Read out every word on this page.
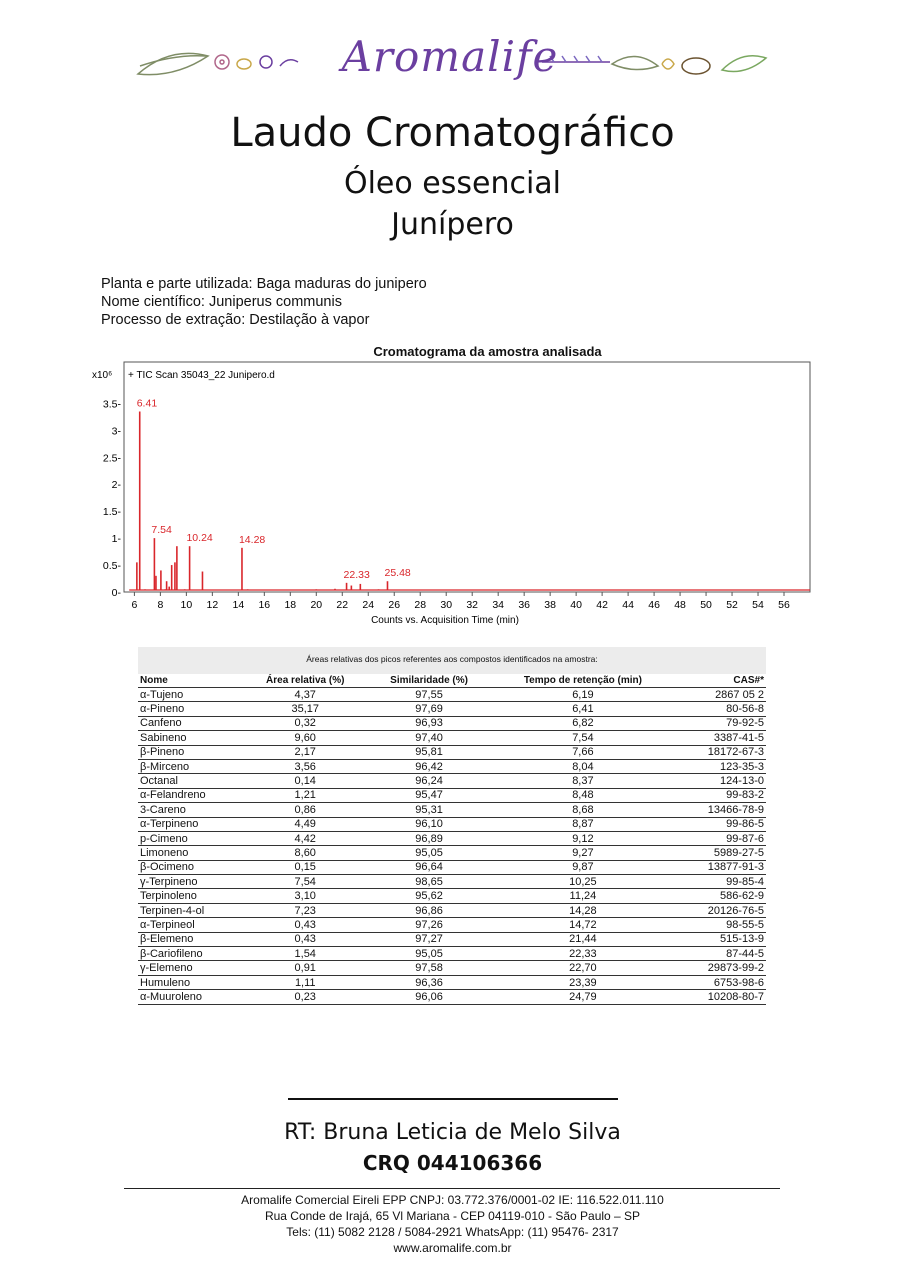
Aromalife
Laudo Cromatográfico
Óleo essencial
Junípero
Planta e parte utilizada: Baga maduras do junipero
Nome científico: Juniperus communis
Processo de extração: Destilação à vapor
Cromatograma da amostra analisada
x10⁶ + TIC Scan 35043_22 Junipero.d
0-
0.5-
1-
1.5-
2-
2.5-
3-
3.5-
6 8 10 12 14 16 18 20 22 24 26 28 30 32 34 36 38 40 42 44 46 48 50 52 54 56
Counts vs. Acquisition Time (min)
6.41
7.54
10.24 14.28
22.33 25.48
Áreas relativas dos picos referentes aos compostos identificados na amostra:
Nome	Área relativa (%)	Similaridade (%)	Tempo de retenção (min)	CAS#*
α-Tujeno	4,37	97,55	6,19	2867 05 2
α-Pineno	35,17	97,69	6,41	80-56-8
Canfeno	0,32	96,93	6,82	79-92-5
Sabineno	9,60	97,40	7,54	3387-41-5
β-Pineno	2,17	95,81	7,66	18172-67-3
β-Mirceno	3,56	96,42	8,04	123-35-3
Octanal	0,14	96,24	8,37	124-13-0
α-Felandreno	1,21	95,47	8,48	99-83-2
3-Careno	0,86	95,31	8,68	13466-78-9
α-Terpineno	4,49	96,10	8,87	99-86-5
p-Cimeno	4,42	96,89	9,12	99-87-6
Limoneno	8,60	95,05	9,27	5989-27-5
β-Ocimeno	0,15	96,64	9,87	13877-91-3
γ-Terpineno	7,54	98,65	10,25	99-85-4
Terpinoleno	3,10	95,62	11,24	586-62-9
Terpinen-4-ol	7,23	96,86	14,28	20126-76-5
α-Terpineol	0,43	97,26	14,72	98-55-5
β-Elemeno	0,43	97,27	21,44	515-13-9
β-Cariofileno	1,54	95,05	22,33	87-44-5
γ-Elemeno	0,91	97,58	22,70	29873-99-2
Humuleno	1,11	96,36	23,39	6753-98-6
α-Muuroleno	0,23	96,06	24,79	10208-80-7
RT: Bruna Leticia de Melo Silva
CRQ 044106366
Aromalife Comercial Eireli EPP CNPJ: 03.772.376/0001-02 IE: 116.522.011.110
Rua Conde de Irajá, 65 Vl Mariana - CEP 04119-010 - São Paulo – SP
Tels: (11) 5082 2128 / 5084-2921 WhatsApp: (11) 95476- 2317
www.aromalife.com.br
